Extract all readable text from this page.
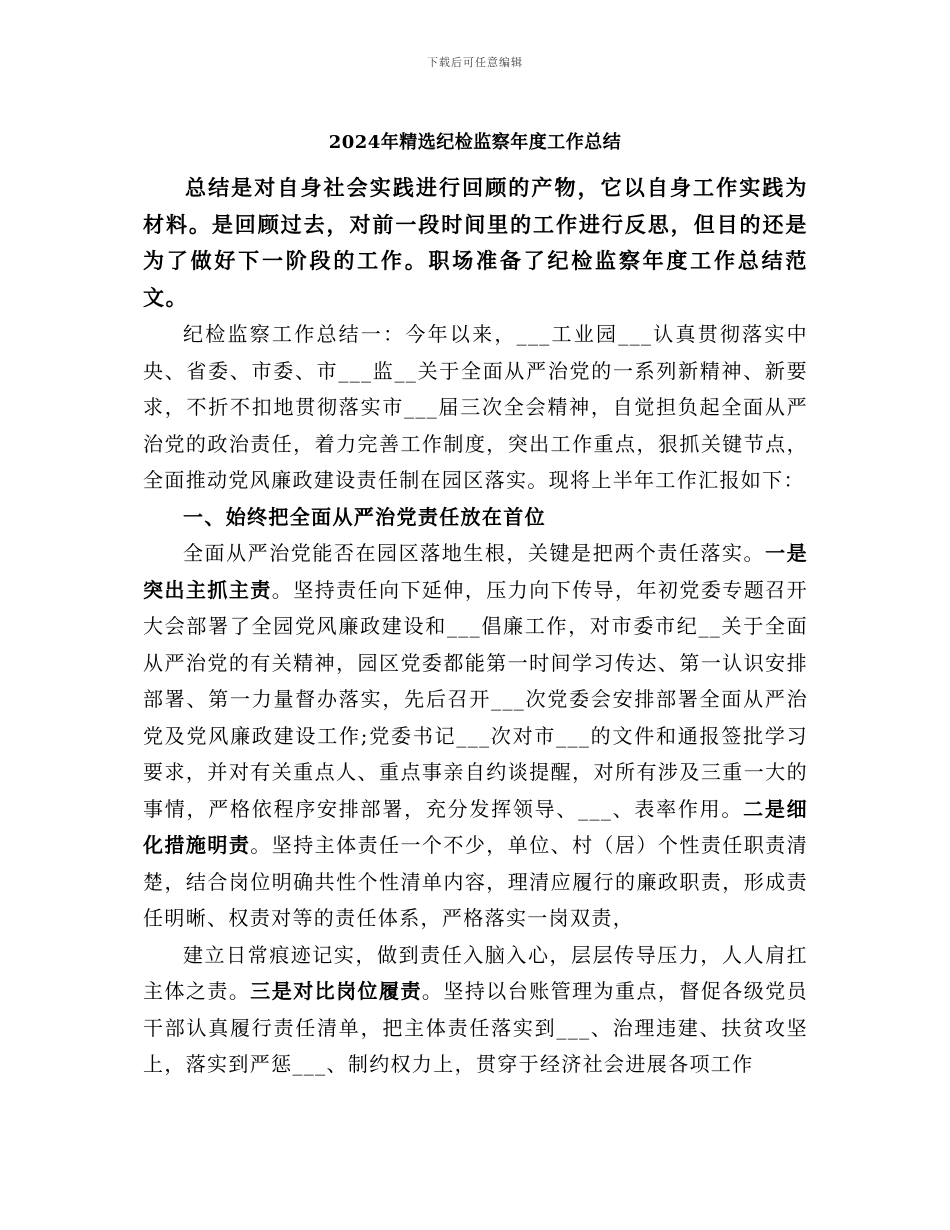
下载后可任意编辑
2024年精选纪检监察年度工作总结

总结是对自身社会实践进行回顾的产物，它以自身工作实践为材料。是回顾过去，对前一段时间里的工作进行反思，但目的还是为了做好下一阶段的工作。职场准备了纪检监察年度工作总结范文。

纪检监察工作总结一：今年以来，___工业园___认真贯彻落实中央、省委、市委、市___监__关于全面从严治党的一系列新精神、新要求，不折不扣地贯彻落实市___届三次全会精神，自觉担负起全面从严治党的政治责任，着力完善工作制度，突出工作重点，狠抓关键节点，全面推动党风廉政建设责任制在园区落实。现将上半年工作汇报如下：

一、始终把全面从严治党责任放在首位

全面从严治党能否在园区落地生根，关键是把两个责任落实。一是突出主抓主责。坚持责任向下延伸，压力向下传导，年初党委专题召开大会部署了全园党风廉政建设和___倡廉工作，对市委市纪__关于全面从严治党的有关精神，园区党委都能第一时间学习传达、第一认识安排部署、第一力量督办落实，先后召开___次党委会安排部署全面从严治党及党风廉政建设工作;党委书记___次对市___的文件和通报签批学习要求，并对有关重点人、重点事亲自约谈提醒，对所有涉及三重一大的事情，严格依程序安排部署，充分发挥领导、___、表率作用。二是细化措施明责。坚持主体责任一个不少，单位、村（居）个性责任职责清楚，结合岗位明确共性个性清单内容，理清应履行的廉政职责，形成责任明晰、权责对等的责任体系，严格落实一岗双责，

建立日常痕迹记实，做到责任入脑入心，层层传导压力，人人肩扛主体之责。三是对比岗位履责。坚持以台账管理为重点，督促各级党员干部认真履行责任清单，把主体责任落实到___、治理违建、扶贫攻坚上，落实到严惩___、制约权力上，贯穿于经济社会进展各项工作
